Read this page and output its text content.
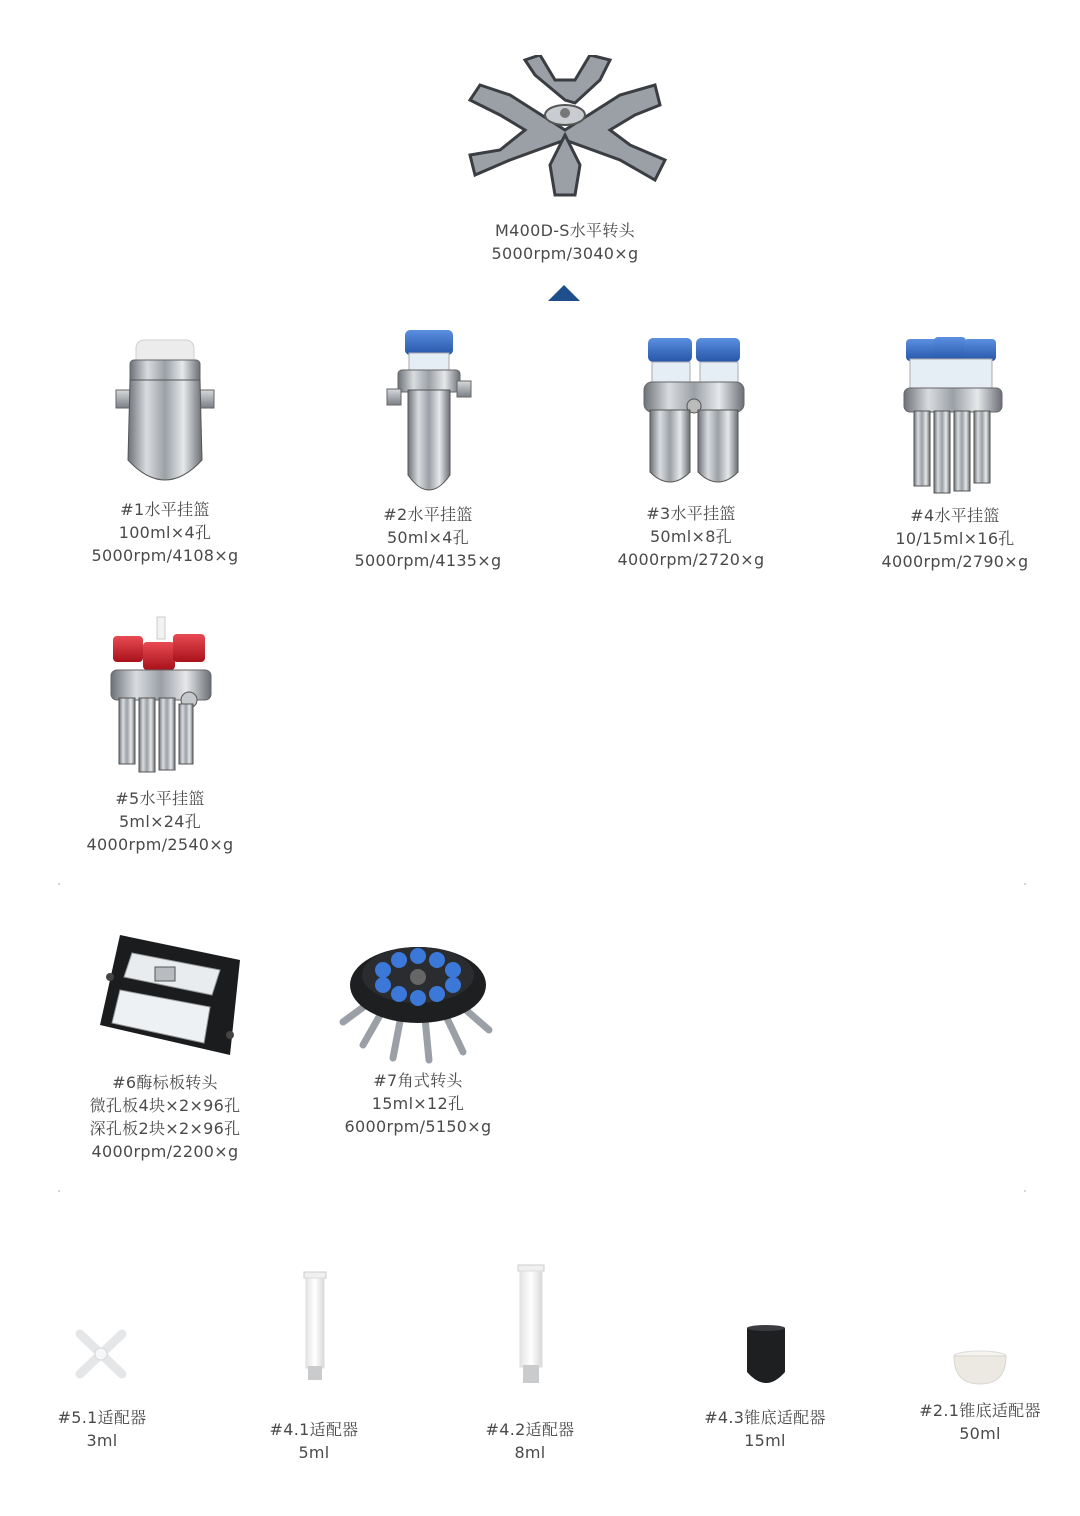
M400D-S水平转头
5000rpm/3040×g
#1水平挂篮
100ml×4孔
5000rpm/4108×g
#2水平挂篮
50ml×4孔
5000rpm/4135×g
#3水平挂篮
50ml×8孔
4000rpm/2720×g
#4水平挂篮
10/15ml×16孔
4000rpm/2790×g
#5水平挂篮
5ml×24孔
4000rpm/2540×g
#6酶标板转头
微孔板4块×2×96孔
深孔板2块×2×96孔
4000rpm/2200×g
#7角式转头
15ml×12孔
6000rpm/5150×g
#5.1适配器
3ml
#4.1适配器
5ml
#4.2适配器
8ml
#4.3锥底适配器
15ml
#2.1锥底适配器
50ml
